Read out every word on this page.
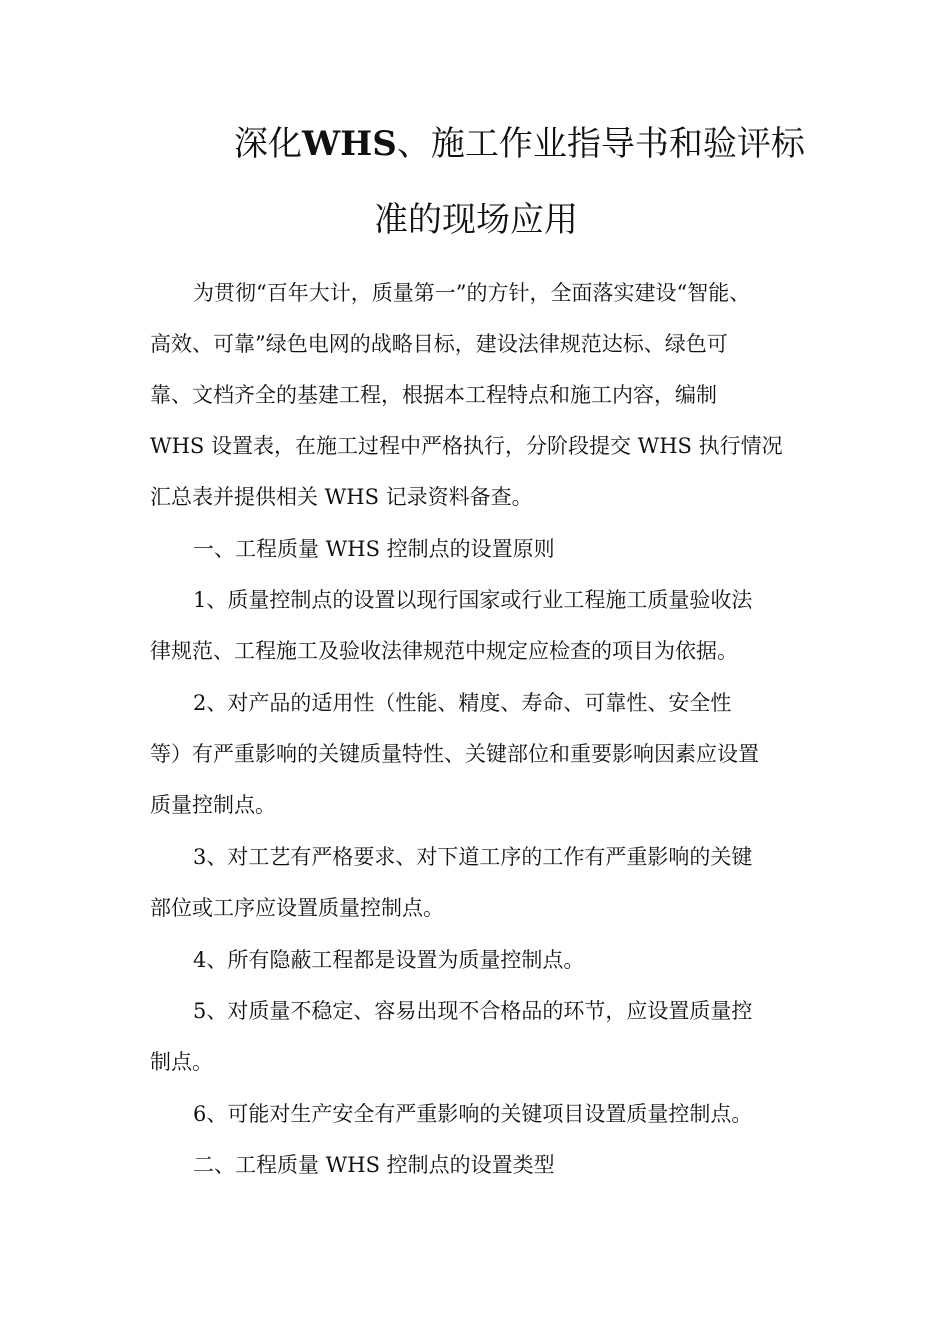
深化WHS、施工作业指导书和验评标
准的现场应用
为贯彻“百年大计，质量第一”的方针，全面落实建设“智能、
高效、可靠”绿色电网的战略目标，建设法律规范达标、绿色可
靠、文档齐全的基建工程，根据本工程特点和施工内容，编制
WHS 设置表，在施工过程中严格执行，分阶段提交 WHS 执行情况
汇总表并提供相关 WHS 记录资料备查。
一、工程质量 WHS 控制点的设置原则
1、质量控制点的设置以现行国家或行业工程施工质量验收法
律规范、工程施工及验收法律规范中规定应检查的项目为依据。
2、对产品的适用性（性能、精度、寿命、可靠性、安全性
等）有严重影响的关键质量特性、关键部位和重要影响因素应设置
质量控制点。
3、对工艺有严格要求、对下道工序的工作有严重影响的关键
部位或工序应设置质量控制点。
4、所有隐蔽工程都是设置为质量控制点。
5、对质量不稳定、容易出现不合格品的环节，应设置质量控
制点。
6、可能对生产安全有严重影响的关键项目设置质量控制点。
二、工程质量 WHS 控制点的设置类型
